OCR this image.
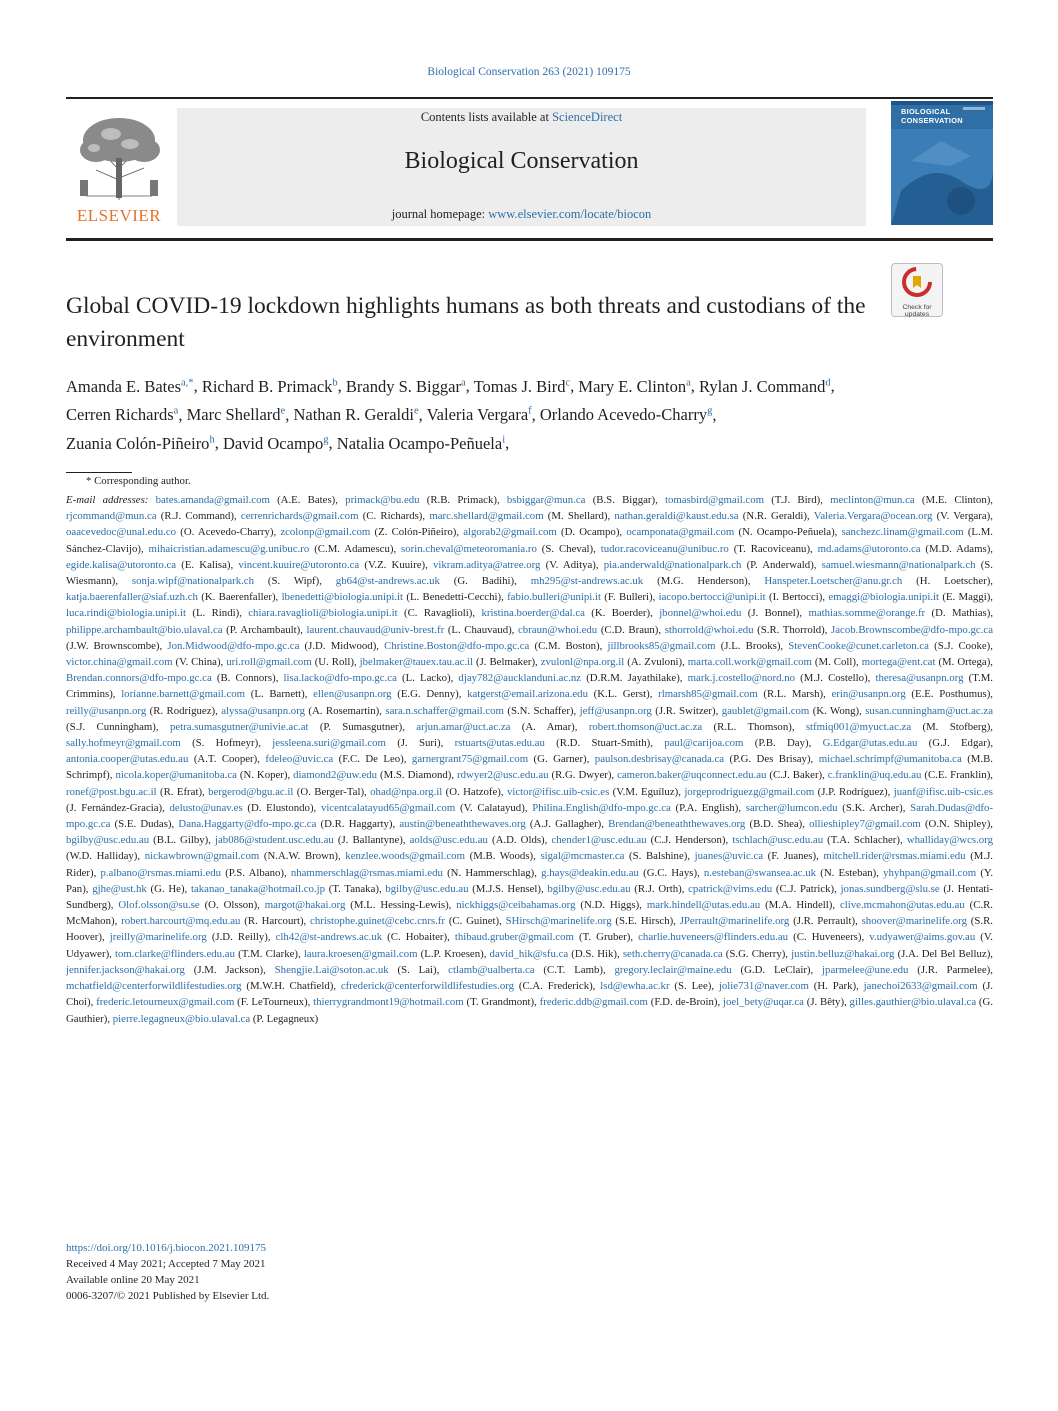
Biological Conservation 263 (2021) 109175
ELSEVIER
Contents lists available at ScienceDirect
Biological Conservation
journal homepage: www.elsevier.com/locate/biocon
BIOLOGICAL
CONSERVATION
Check for
updates
Global COVID-19 lockdown highlights humans as both threats and custodians of the environment
Amanda E. Bates$^{a,*}$, Richard B. Primack$^b$, Brandy S. Biggar$^a$, Tomas J. Bird$^c$, Mary E. Clinton$^a$, Rylan J. Command$^d$, Cerren Richards$^a$, Marc Shellard$^e$, Nathan R. Geraldi$^e$, Valeria Vergara$^f$, Orlando Acevedo-Charry$^g$, Zuania Colón-Piñeiro$^h$, David Ocampo$^g$, Natalia Ocampo-Peñuela$^i$,
* Corresponding author.
E-mail addresses: bates.amanda@gmail.com (A.E. Bates), primack@bu.edu (R.B. Primack), bsbiggar@mun.ca (B.S. Biggar), tomasbird@gmail.com (T.J. Bird), meclinton@mun.ca (M.E. Clinton), rjcommand@mun.ca (R.J. Command), cerrenrichards@gmail.com (C. Richards), marc.shellard@gmail.com (M. Shellard), nathan.geraldi@kaust.edu.sa (N.R. Geraldi), Valeria.Vergara@ocean.org (V. Vergara), oaacevedoc@unal.edu.co (O. Acevedo-Charry), zcolonp@gmail.com (Z. Colón-Piñeiro), algorab2@gmail.com (D. Ocampo), ocamponata@gmail.com (N. Ocampo-Peñuela), sanchezc.linam@gmail.com (L.M. Sánchez-Clavijo), mihaicristian.adamescu@g.unibuc.ro (C.M. Adamescu), sorin.cheval@meteoromania.ro (S. Cheval), tudor.racoviceanu@unibuc.ro (T. Racoviceanu), md.adams@utoronto.ca (M.D. Adams), egide.kalisa@utoronto.ca (E. Kalisa), vincent.kuuire@utoronto.ca (V.Z. Kuuire), vikram.aditya@atree.org (V. Aditya), pia.anderwald@nationalpark.ch (P. Anderwald), samuel.wiesmann@nationalpark.ch (S. Wiesmann), sonja.wipf@nationalpark.ch (S. Wipf), gb64@st-andrews.ac.uk (G. Badihi), mh295@st-andrews.ac.uk (M.G. Henderson), Hanspeter.Loetscher@anu.gr.ch (H. Loetscher), katja.baerenfaller@siaf.uzh.ch (K. Baerenfaller), lbenedetti@biologia.unipi.it (L. Benedetti-Cecchi), fabio.bulleri@unipi.it (F. Bulleri), iacopo.bertocci@unipi.it (I. Bertocci), emaggi@biologia.unipi.it (E. Maggi), luca.rindi@biologia.unipi.it (L. Rindi), chiara.ravaglioli@biologia.unipi.it (C. Ravaglioli), kristina.boerder@dal.ca (K. Boerder), jbonnel@whoi.edu (J. Bonnel), mathias.somme@orange.fr (D. Mathias), philippe.archambault@bio.ulaval.ca (P. Archambault), laurent.chauvaud@univ-brest.fr (L. Chauvaud), cbraun@whoi.edu (C.D. Braun), sthorrold@whoi.edu (S.R. Thorrold), Jacob.Brownscombe@dfo-mpo.gc.ca (J.W. Brownscombe), Jon.Midwood@dfo-mpo.gc.ca (J.D. Midwood), Christine.Boston@dfo-mpo.gc.ca (C.M. Boston), jillbrooks85@gmail.com (J.L. Brooks), StevenCooke@cunet.carleton.ca (S.J. Cooke), victor.china@gmail.com (V. China), uri.roll@gmail.com (U. Roll), jbelmaker@tauex.tau.ac.il (J. Belmaker), zvulonl@npa.org.il (A. Zvuloni), marta.coll.work@gmail.com (M. Coll), mortega@ent.cat (M. Ortega), Brendan.connors@dfo-mpo.gc.ca (B. Connors), lisa.lacko@dfo-mpo.gc.ca (L. Lacko), djay782@aucklanduni.ac.nz (D.R.M. Jayathilake), mark.j.costello@nord.no (M.J. Costello), theresa@usanpn.org (T.M. Crimmins), lorianne.barnett@gmail.com (L. Barnett), ellen@usanpn.org (E.G. Denny), katgerst@email.arizona.edu (K.L. Gerst), rlmarsh85@gmail.com (R.L. Marsh), erin@usanpn.org (E.E. Posthumus), reilly@usanpn.org (R. Rodriguez), alyssa@usanpn.org (A. Rosemartin), sara.n.schaffer@gmail.com (S.N. Schaffer), jeff@usanpn.org (J.R. Switzer), gaublet@gmail.com (K. Wong), susan.cunningham@uct.ac.za (S.J. Cunningham), petra.sumasgutner@univie.ac.at (P. Sumasgutner), arjun.amar@uct.ac.za (A. Amar), robert.thomson@uct.ac.za (R.L. Thomson), stfmiq001@myuct.ac.za (M. Stofberg), sally.hofmeyr@gmail.com (S. Hofmeyr), jessleena.suri@gmail.com (J. Suri), rstuarts@utas.edu.au (R.D. Stuart-Smith), paul@carijoa.com (P.B. Day), G.Edgar@utas.edu.au (G.J. Edgar), antonia.cooper@utas.edu.au (A.T. Cooper), fdeleo@uvic.ca (F.C. De Leo), garnergrant75@gmail.com (G. Garner), paulson.desbrisay@canada.ca (P.G. Des Brisay), michael.schrimpf@umanitoba.ca (M.B. Schrimpf), nicola.koper@umanitoba.ca (N. Koper), diamond2@uw.edu (M.S. Diamond), rdwyer2@usc.edu.au (R.G. Dwyer), cameron.baker@uqconnect.edu.au (C.J. Baker), c.franklin@uq.edu.au (C.E. Franklin), ronef@post.bgu.ac.il (R. Efrat), bergerod@bgu.ac.il (O. Berger-Tal), ohad@npa.org.il (O. Hatzofe), victor@ifisc.uib-csic.es (V.M. Eguíluz), jorgeprodriguezg@gmail.com (J.P. Rodríguez), juanf@ifisc.uib-csic.es (J. Fernández-Gracia), delusto@unav.es (D. Elustondo), vicentcalatayud65@gmail.com (V. Calatayud), Philina.English@dfo-mpo.gc.ca (P.A. English), sarcher@lumcon.edu (S.K. Archer), Sarah.Dudas@dfo-mpo.gc.ca (S.E. Dudas), Dana.Haggarty@dfo-mpo.gc.ca (D.R. Haggarty), austin@beneaththewaves.org (A.J. Gallagher), Brendan@beneaththewaves.org (B.D. Shea), ollieshipley7@gmail.com (O.N. Shipley), bgilby@usc.edu.au (B.L. Gilby), jab086@student.usc.edu.au (J. Ballantyne), aolds@usc.edu.au (A.D. Olds), chender1@usc.edu.au (C.J. Henderson), tschlach@usc.edu.au (T.A. Schlacher), whalliday@wcs.org (W.D. Halliday), nickawbrown@gmail.com (N.A.W. Brown), kenzlee.woods@gmail.com (M.B. Woods), sigal@mcmaster.ca (S. Balshine), juanes@uvic.ca (F. Juanes), mitchell.rider@rsmas.miami.edu (M.J. Rider), p.albano@rsmas.miami.edu (P.S. Albano), nhammerschlag@rsmas.miami.edu (N. Hammerschlag), g.hays@deakin.edu.au (G.C. Hays), n.esteban@swansea.ac.uk (N. Esteban), yhyhpan@gmail.com (Y. Pan), gjhe@ust.hk (G. He), takanao_tanaka@hotmail.co.jp (T. Tanaka), bgilby@usc.edu.au (M.J.S. Hensel), bgilby@usc.edu.au (R.J. Orth), cpatrick@vims.edu (C.J. Patrick), jonas.sundberg@slu.se (J. Hentati-Sundberg), Olof.olsson@su.se (O. Olsson), margot@hakai.org (M.L. Hessing-Lewis), nickhiggs@ceibahamas.org (N.D. Higgs), mark.hindell@utas.edu.au (M.A. Hindell), clive.mcmahon@utas.edu.au (C.R. McMahon), robert.harcourt@mq.edu.au (R. Harcourt), christophe.guinet@cebc.cnrs.fr (C. Guinet), SHirsch@marinelife.org (S.E. Hirsch), JPerrault@marinelife.org (J.R. Perrault), shoover@marinelife.org (S.R. Hoover), jreilly@marinelife.org (J.D. Reilly), clh42@st-andrews.ac.uk (C. Hobaiter), thibaud.gruber@gmail.com (T. Gruber), charlie.huveneers@flinders.edu.au (C. Huveneers), v.udyawer@aims.gov.au (V. Udyawer), tom.clarke@flinders.edu.au (T.M. Clarke), laura.kroesen@gmail.com (L.P. Kroesen), david_hik@sfu.ca (D.S. Hik), seth.cherry@canada.ca (S.G. Cherry), justin.belluz@hakai.org (J.A. Del Bel Belluz), jennifer.jackson@hakai.org (J.M. Jackson), Shengjie.Lai@soton.ac.uk (S. Lai), ctlamb@ualberta.ca (C.T. Lamb), gregory.leclair@maine.edu (G.D. LeClair), jparmelee@une.edu (J.R. Parmelee), mchatfield@centerforwildlifestudies.org (M.W.H. Chatfield), cfrederick@centerforwildlifestudies.org (C.A. Frederick), lsd@ewha.ac.kr (S. Lee), jolie731@naver.com (H. Park), janechoi2633@gmail.com (J. Choi), frederic.letourneux@gmail.com (F. LeTourneux), thierrygrandmont19@hotmail.com (T. Grandmont), frederic.ddb@gmail.com (F.D. de-Broin), joel_bety@uqar.ca (J. Bêty), gilles.gauthier@bio.ulaval.ca (G. Gauthier), pierre.legagneux@bio.ulaval.ca (P. Legagneux)
https://doi.org/10.1016/j.biocon.2021.109175
Received 4 May 2021; Accepted 7 May 2021
Available online 20 May 2021
0006-3207/© 2021 Published by Elsevier Ltd.
